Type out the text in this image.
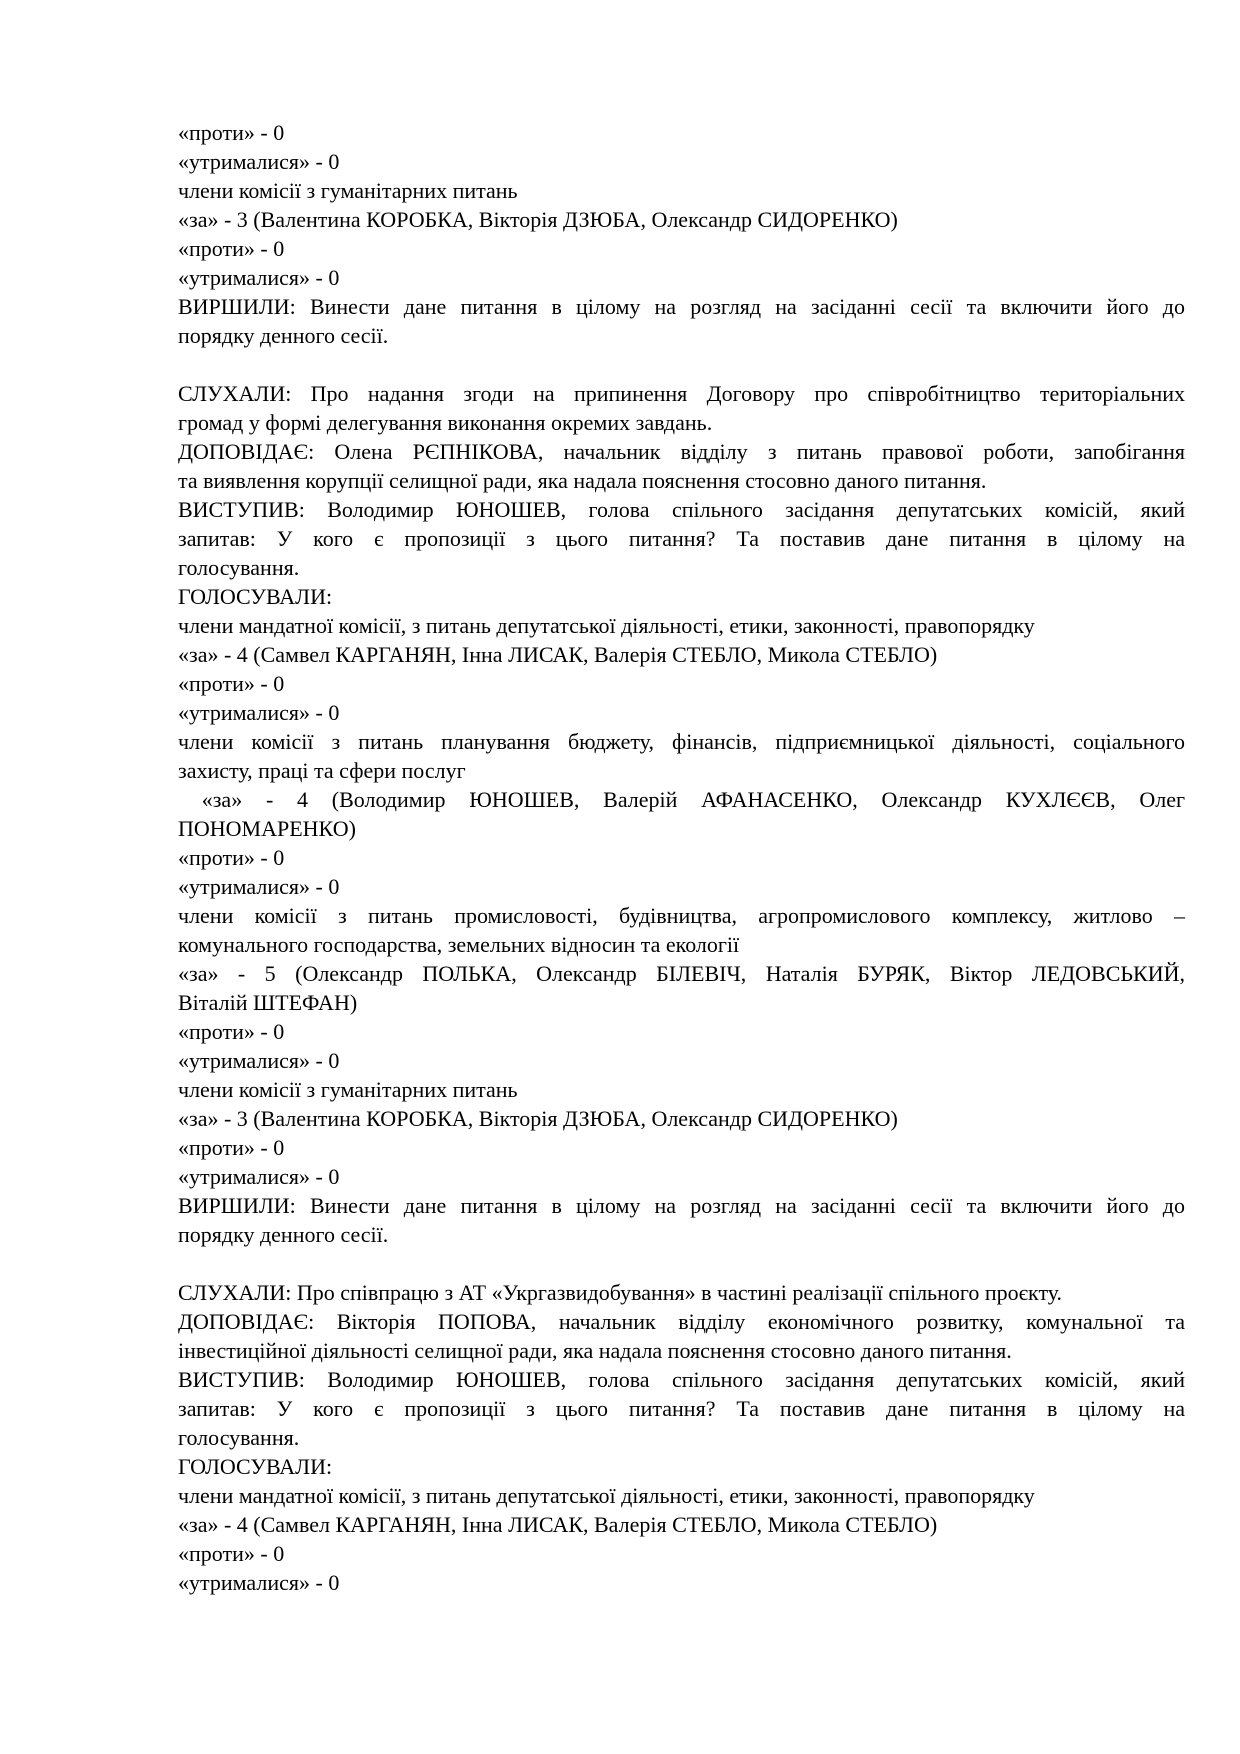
«проти» - 0
«утрималися» - 0
члени комісії з гуманітарних питань
«за» - 3 (Валентина КОРОБКА, Вікторія ДЗЮБА, Олександр СИДОРЕНКО)
«проти» - 0
«утрималися» - 0
ВИРШИЛИ: Винести дане питання в цілому на розгляд на засіданні сесії та включити його до
порядку денного сесії.
СЛУХАЛИ: Про надання згоди на припинення Договору про співробітництво територіальних
громад у формі делегування виконання окремих завдань.
ДОПОВІДАЄ: Олена РЄПНІКОВА, начальник відділу з питань правової роботи, запобігання
та виявлення корупції селищної ради, яка надала пояснення стосовно даного питання.
ВИСТУПИВ: Володимир ЮНОШЕВ, голова спільного засідання депутатських комісій, який
запитав: У кого є пропозиції з цього питання? Та поставив дане питання в цілому на
голосування.
ГОЛОСУВАЛИ:
члени мандатної комісії, з питань депутатської діяльності, етики, законності, правопорядку
«за» - 4 (Самвел КАРГАНЯН, Інна ЛИСАК, Валерія СТЕБЛО, Микола СТЕБЛО)
«проти» - 0
«утрималися» - 0
члени комісії з питань планування бюджету, фінансів, підприємницької діяльності, соціального
захисту, праці та сфери послуг
«за» - 4 (Володимир ЮНОШЕВ, Валерій АФАНАСЕНКО, Олександр КУХЛЄЄВ, Олег
ПОНОМАРЕНКО)
«проти» - 0
«утрималися» - 0
члени комісії з питань промисловості, будівництва, агропромислового комплексу, житлово –
комунального господарства, земельних відносин та екології
«за» - 5 (Олександр ПОЛЬКА, Олександр БІЛЕВІЧ, Наталія БУРЯК, Віктор ЛЕДОВСЬКИЙ,
Віталій ШТЕФАН)
«проти» - 0
«утрималися» - 0
члени комісії з гуманітарних питань
«за» - 3 (Валентина КОРОБКА, Вікторія ДЗЮБА, Олександр СИДОРЕНКО)
«проти» - 0
«утрималися» - 0
ВИРШИЛИ: Винести дане питання в цілому на розгляд на засіданні сесії та включити його до
порядку денного сесії.
СЛУХАЛИ: Про співпрацю з АТ «Укргазвидобування» в частині реалізації спільного проєкту.
ДОПОВІДАЄ: Вікторія ПОПОВА, начальник відділу економічного розвитку, комунальної та
інвестиційної діяльності селищної ради, яка надала пояснення стосовно даного питання.
ВИСТУПИВ: Володимир ЮНОШЕВ, голова спільного засідання депутатських комісій, який
запитав: У кого є пропозиції з цього питання? Та поставив дане питання в цілому на
голосування.
ГОЛОСУВАЛИ:
члени мандатної комісії, з питань депутатської діяльності, етики, законності, правопорядку
«за» - 4 (Самвел КАРГАНЯН, Інна ЛИСАК, Валерія СТЕБЛО, Микола СТЕБЛО)
«проти» - 0
«утрималися» - 0
